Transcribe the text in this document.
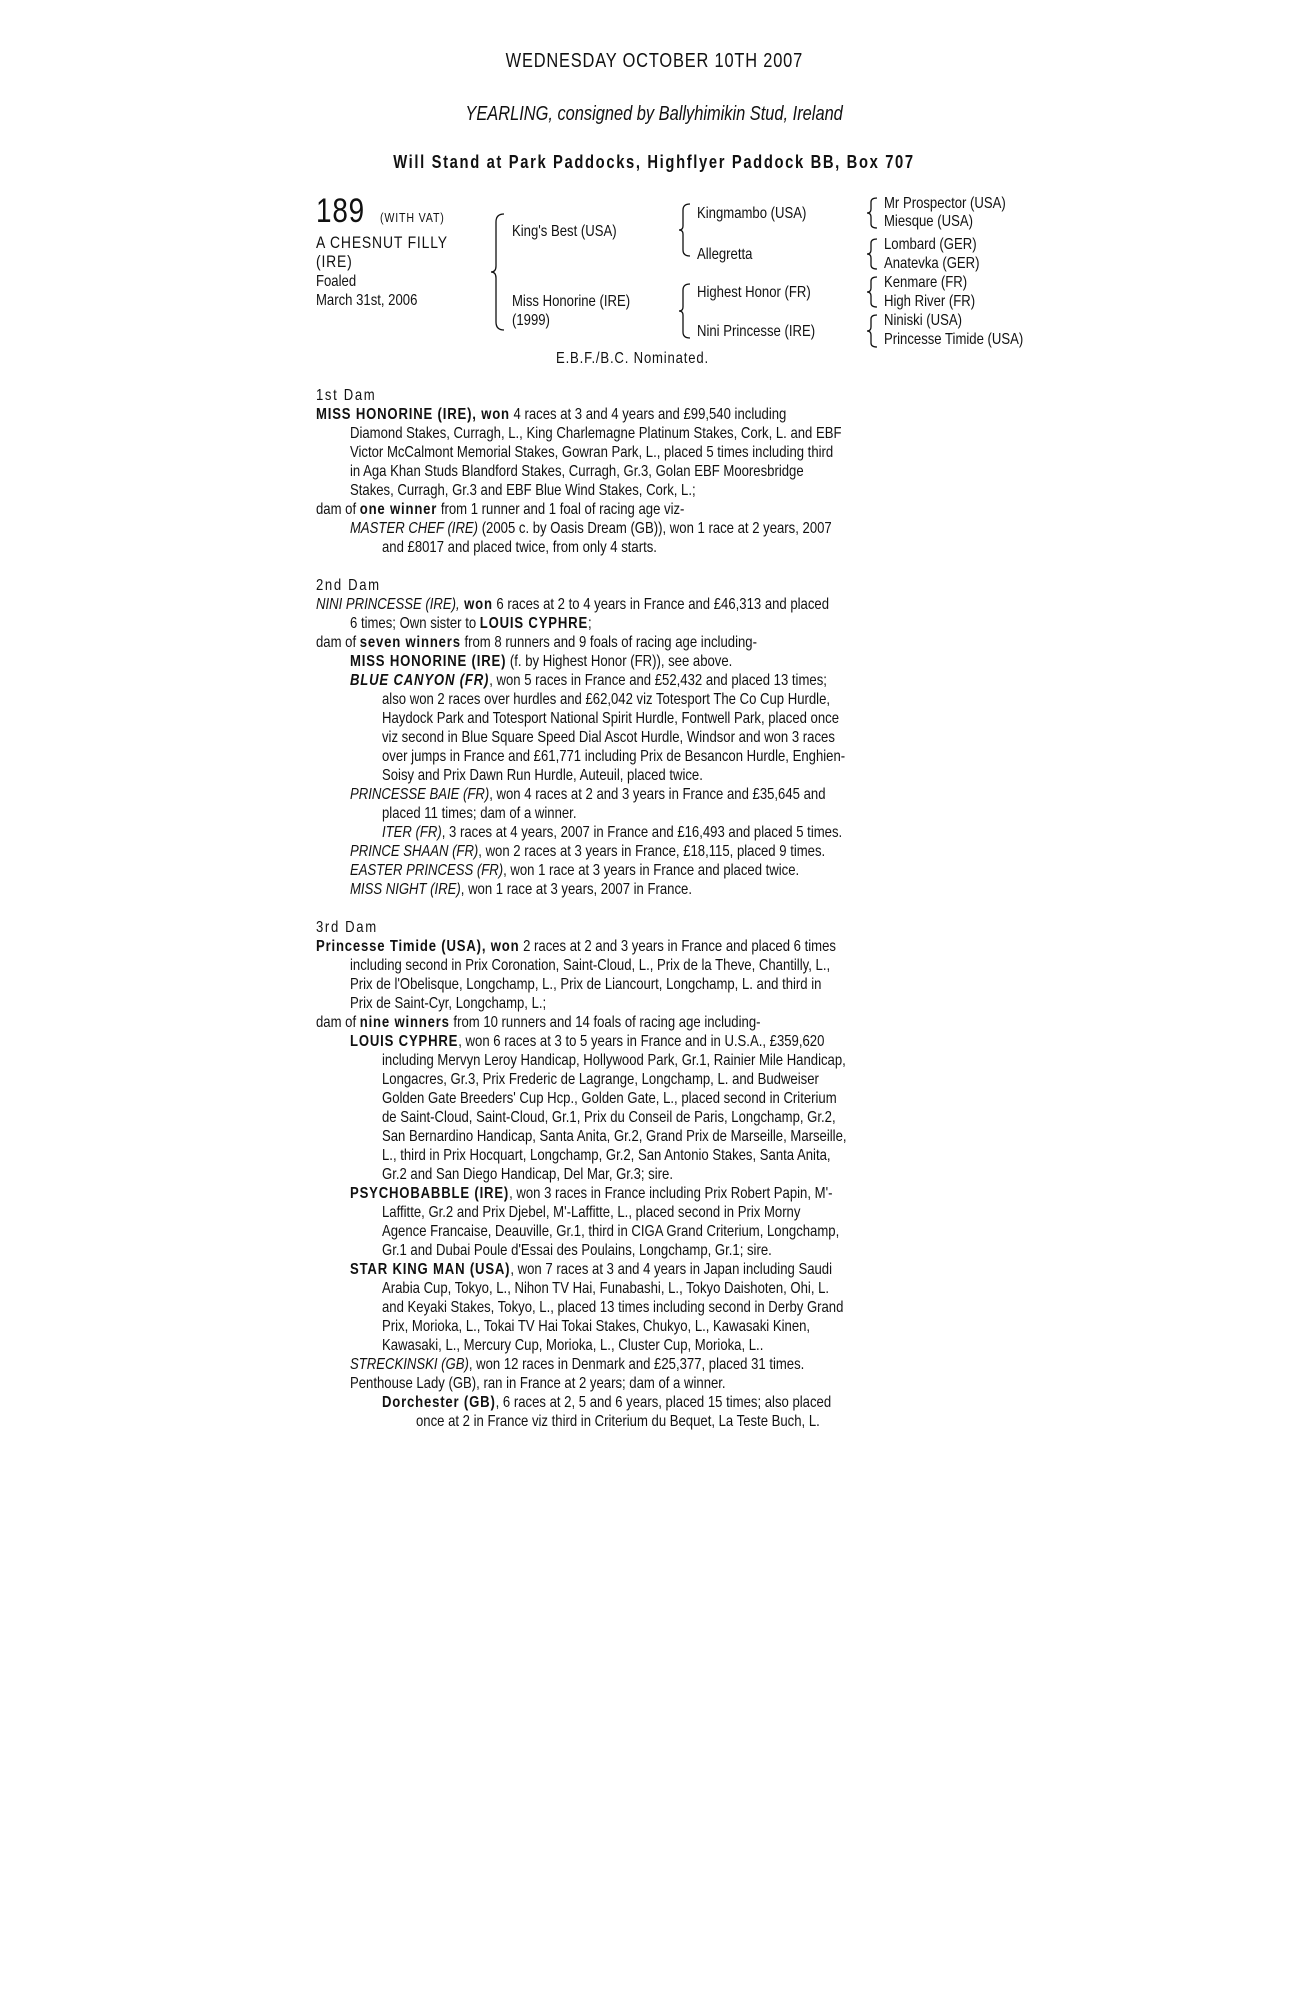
WEDNESDAY OCTOBER 10TH 2007
YEARLING, consigned by Ballyhimikin Stud, Ireland
Will Stand at Park Paddocks, Highflyer Paddock BB, Box 707
189	(WITH VAT)
A CHESNUT FILLY
(IRE)
Foaled
March 31st, 2006
King's Best (USA)
Miss Honorine (IRE)
(1999)
Kingmambo (USA)
Allegretta
Highest Honor (FR)
Nini Princesse (IRE)
Mr Prospector (USA)
Miesque (USA)
Lombard (GER)
Anatevka (GER)
Kenmare (FR)
High River (FR)
Niniski (USA)
Princesse Timide (USA)
E.B.F./B.C. Nominated.
1st Dam
MISS HONORINE (IRE), won 4 races at 3 and 4 years and £99,540 including
Diamond Stakes, Curragh, L., King Charlemagne Platinum Stakes, Cork, L. and EBF
Victor McCalmont Memorial Stakes, Gowran Park, L., placed 5 times including third
in Aga Khan Studs Blandford Stakes, Curragh, Gr.3, Golan EBF Mooresbridge
Stakes, Curragh, Gr.3 and EBF Blue Wind Stakes, Cork, L.;
dam of one winner from 1 runner and 1 foal of racing age viz-
MASTER CHEF (IRE) (2005 c. by Oasis Dream (GB)), won 1 race at 2 years, 2007
and £8017 and placed twice, from only 4 starts.
2nd Dam
NINI PRINCESSE (IRE), won 6 races at 2 to 4 years in France and £46,313 and placed
6 times; Own sister to LOUIS CYPHRE;
dam of seven winners from 8 runners and 9 foals of racing age including-
MISS HONORINE (IRE) (f. by Highest Honor (FR)), see above.
BLUE CANYON (FR), won 5 races in France and £52,432 and placed 13 times;
also won 2 races over hurdles and £62,042 viz Totesport The Co Cup Hurdle,
Haydock Park and Totesport National Spirit Hurdle, Fontwell Park, placed once
viz second in Blue Square Speed Dial Ascot Hurdle, Windsor and won 3 races
over jumps in France and £61,771 including Prix de Besancon Hurdle, Enghien-
Soisy and Prix Dawn Run Hurdle, Auteuil, placed twice.
PRINCESSE BAIE (FR), won 4 races at 2 and 3 years in France and £35,645 and
placed 11 times; dam of a winner.
ITER (FR), 3 races at 4 years, 2007 in France and £16,493 and placed 5 times.
PRINCE SHAAN (FR), won 2 races at 3 years in France, £18,115, placed 9 times.
EASTER PRINCESS (FR), won 1 race at 3 years in France and placed twice.
MISS NIGHT (IRE), won 1 race at 3 years, 2007 in France.
3rd Dam
Princesse Timide (USA), won 2 races at 2 and 3 years in France and placed 6 times
including second in Prix Coronation, Saint-Cloud, L., Prix de la Theve, Chantilly, L.,
Prix de l'Obelisque, Longchamp, L., Prix de Liancourt, Longchamp, L. and third in
Prix de Saint-Cyr, Longchamp, L.;
dam of nine winners from 10 runners and 14 foals of racing age including-
LOUIS CYPHRE, won 6 races at 3 to 5 years in France and in U.S.A., £359,620
including Mervyn Leroy Handicap, Hollywood Park, Gr.1, Rainier Mile Handicap,
Longacres, Gr.3, Prix Frederic de Lagrange, Longchamp, L. and Budweiser
Golden Gate Breeders' Cup Hcp., Golden Gate, L., placed second in Criterium
de Saint-Cloud, Saint-Cloud, Gr.1, Prix du Conseil de Paris, Longchamp, Gr.2,
San Bernardino Handicap, Santa Anita, Gr.2, Grand Prix de Marseille, Marseille,
L., third in Prix Hocquart, Longchamp, Gr.2, San Antonio Stakes, Santa Anita,
Gr.2 and San Diego Handicap, Del Mar, Gr.3; sire.
PSYCHOBABBLE (IRE), won 3 races in France including Prix Robert Papin, M'-
Laffitte, Gr.2 and Prix Djebel, M'-Laffitte, L., placed second in Prix Morny
Agence Francaise, Deauville, Gr.1, third in CIGA Grand Criterium, Longchamp,
Gr.1 and Dubai Poule d'Essai des Poulains, Longchamp, Gr.1; sire.
STAR KING MAN (USA), won 7 races at 3 and 4 years in Japan including Saudi
Arabia Cup, Tokyo, L., Nihon TV Hai, Funabashi, L., Tokyo Daishoten, Ohi, L.
and Keyaki Stakes, Tokyo, L., placed 13 times including second in Derby Grand
Prix, Morioka, L., Tokai TV Hai Tokai Stakes, Chukyo, L., Kawasaki Kinen,
Kawasaki, L., Mercury Cup, Morioka, L., Cluster Cup, Morioka, L..
STRECKINSKI (GB), won 12 races in Denmark and £25,377, placed 31 times.
Penthouse Lady (GB), ran in France at 2 years; dam of a winner.
Dorchester (GB), 6 races at 2, 5 and 6 years, placed 15 times; also placed
once at 2 in France viz third in Criterium du Bequet, La Teste Buch, L.
